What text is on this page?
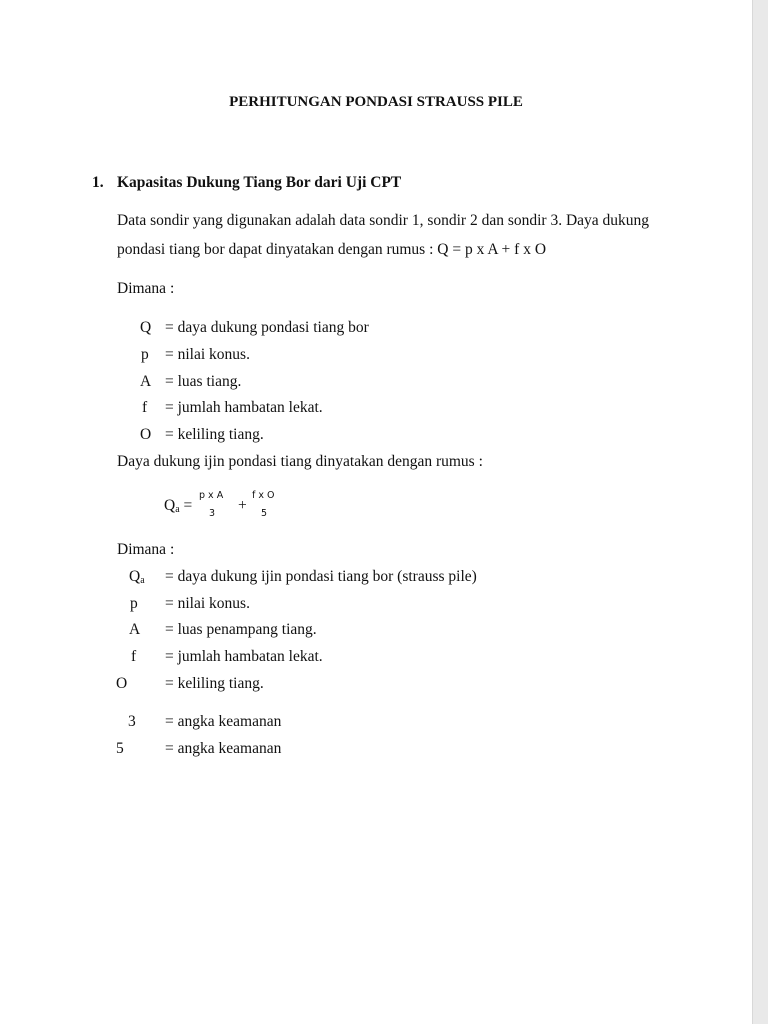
PERHITUNGAN PONDASI STRAUSS PILE
1. Kapasitas Dukung Tiang Bor dari Uji CPT
Data sondir yang digunakan adalah data sondir 1, sondir 2 dan sondir 3. Daya dukung
pondasi tiang bor dapat dinyatakan dengan rumus : Q = p x A + f x O
Dimana :
Q = daya dukung pondasi tiang bor
p = nilai konus.
A = luas tiang.
f = jumlah hambatan lekat.
O = keliling tiang.
Daya dukung ijin pondasi tiang dinyatakan dengan rumus :
Qa =
p x A
3 +
f x O
5
Dimana :
Qa = daya dukung ijin pondasi tiang bor (strauss pile)
p = nilai konus.
A = luas penampang tiang.
f = jumlah hambatan lekat.
O = keliling tiang.
3 = angka keamanan
5	= angka keamanan
